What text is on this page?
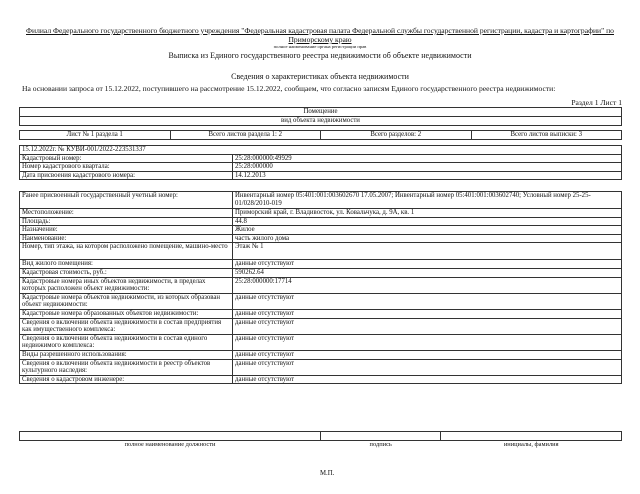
Филиал Федерального государственного бюджетного учреждения "Федеральная кадастровая палата Федеральной службы государственной регистрации, кадастра и картографии" по Приморскому краю
полное наименование органа регистрации прав
Выписка из Единого государственного реестра недвижимости об объекте недвижимости
Сведения о характеристиках объекта недвижимости
На основании запроса от 15.12.2022, поступившего на рассмотрение 15.12.2022, сообщаем, что согласно записям Единого государственного реестра недвижимости:
Раздел 1 Лист 1
Помещение
вид объекта недвижимости
Лист № 1 раздела 1	Всего листов раздела 1: 2	Всего разделов: 2	Всего листов выписки: 3
15.12.2022г. № КУВИ-001/2022-223531337	
Кадастровый номер:	25:28:000000:49929
Номер кадастрового квартала:	25:28:000000
Дата присвоения кадастрового номера:	14.12.2013
Ранее присвоенный государственный учетный номер:	Инвентарный номер 05:401:001:003602670 17.05.2007; Инвентарный номер 05:401:001:003602740; Условный номер 25-25-01/028/2010-019
Местоположение:	Приморский край, г. Владивосток, ул. Ковальчука, д. 9А, кв. 1
Площадь:	44.8
Назначение:	Жилое
Наименование:	часть жилого дома
Номер, тип этажа, на котором расположено помещение, машино-место	Этаж № 1
Вид жилого помещения:	данные отсутствуют
Кадастровая стоимость, руб.:	590262.64
Кадастровые номера иных объектов недвижимости, в пределах которых расположен объект недвижимости:	25:28:000000:17714
Кадастровые номера объектов недвижимости, из которых образован объект недвижимости:	данные отсутствуют
Кадастровые номера образованных объектов недвижимости:	данные отсутствуют
Сведения о включении объекта недвижимости в состав предприятия как имущественного комплекса:	данные отсутствуют
Сведения о включении объекта недвижимости в состав единого недвижимого комплекса:	данные отсутствуют
Виды разрешенного использования:	данные отсутствуют
Сведения о включении объекта недвижимости в реестр объектов культурного наследия:	данные отсутствуют
Сведения о кадастровом инженере:	данные отсутствуют

полное наименование должности	подпись	инициалы, фамилия
М.П.
